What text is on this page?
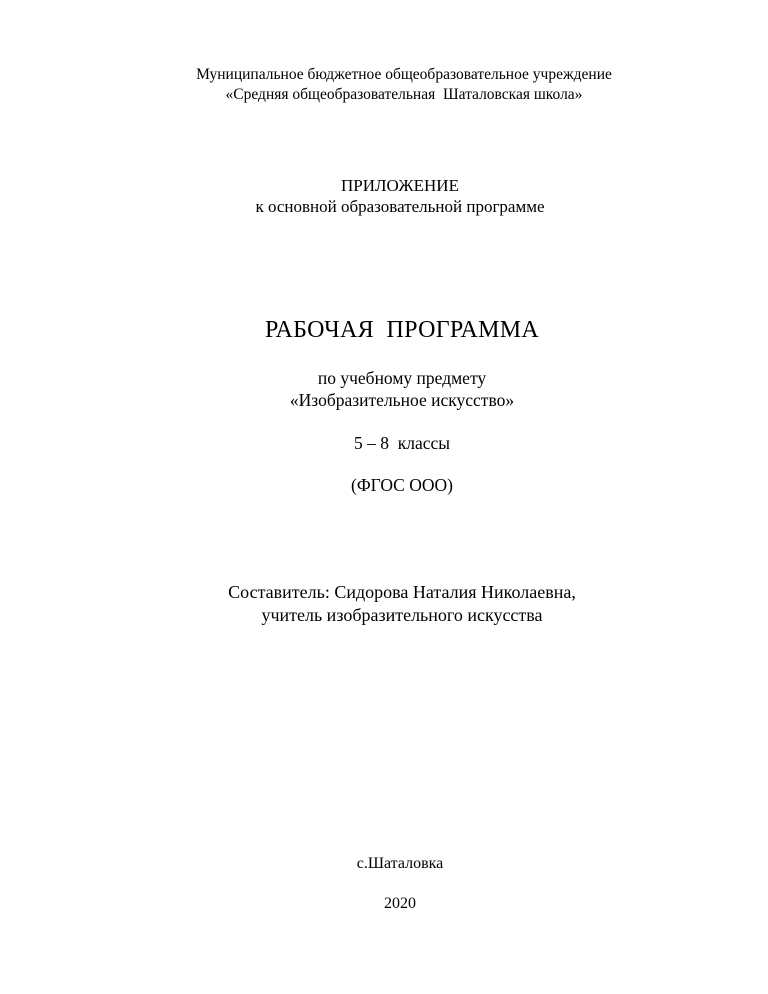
Муниципальное бюджетное общеобразовательное учреждение
«Средняя общеобразовательная  Шаталовская школа»
ПРИЛОЖЕНИЕ
к основной образовательной программе
РАБОЧАЯ  ПРОГРАММА
по учебному предмету
«Изобразительное искусство»
5 – 8  классы
(ФГОС ООО)
Составитель: Сидорова Наталия Николаевна,
учитель изобразительного искусства
с.Шаталовка
2020
